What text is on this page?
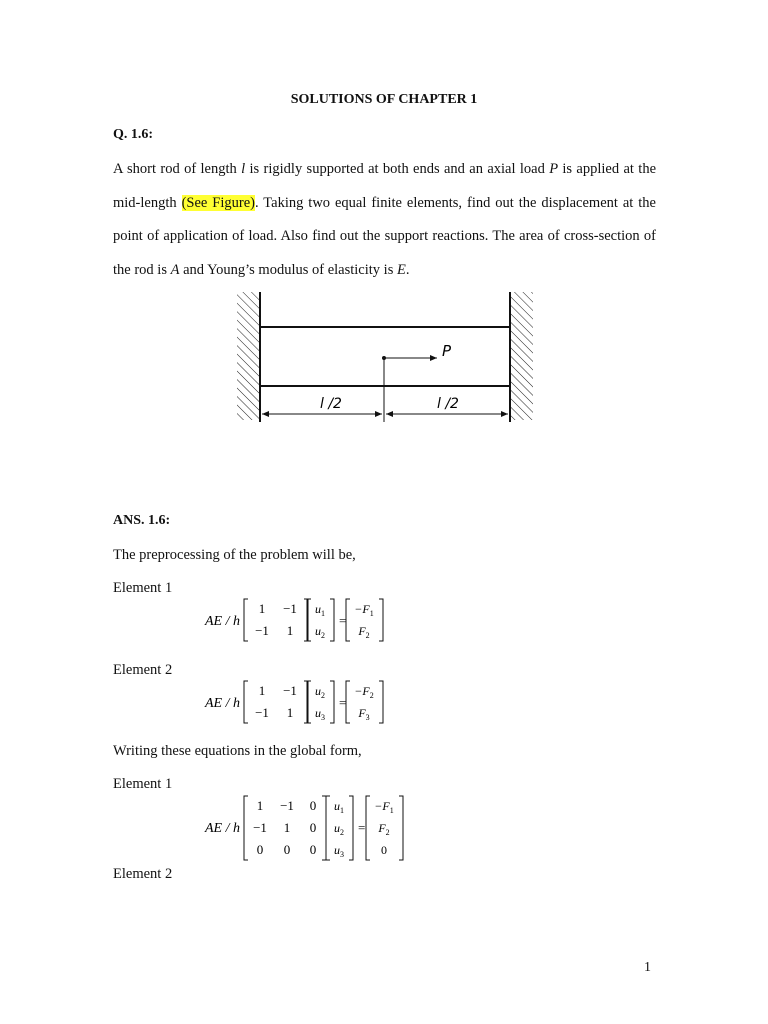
SOLUTIONS OF CHAPTER 1
Q. 1.6:
A short rod of length l is rigidly supported at both ends and an axial load P is applied at the mid-length (See Figure). Taking two equal finite elements, find out the displacement at the point of application of load. Also find out the support reactions. The area of cross-section of the rod is A and Young’s modulus of elasticity is E.
P
l /2	l /2
ANS. 1.6:
The preprocessing of the problem will be,
Element 1
AE / h
1 −1
−1 1
$u_1$
$u_2$
=
$-F_1$
$F_2$
Element 2
AE / h
1 −1
−1 1
$u_2$
$u_3$
=
$-F_2$
$F_3$
Writing these equations in the global form,
Element 1
AE / h
1 −1 0
−1 1 0
0 0 0
$u_1$
$u_2$
$u_3$
=
$-F_1$
$F_2$
0
Element 2
1
